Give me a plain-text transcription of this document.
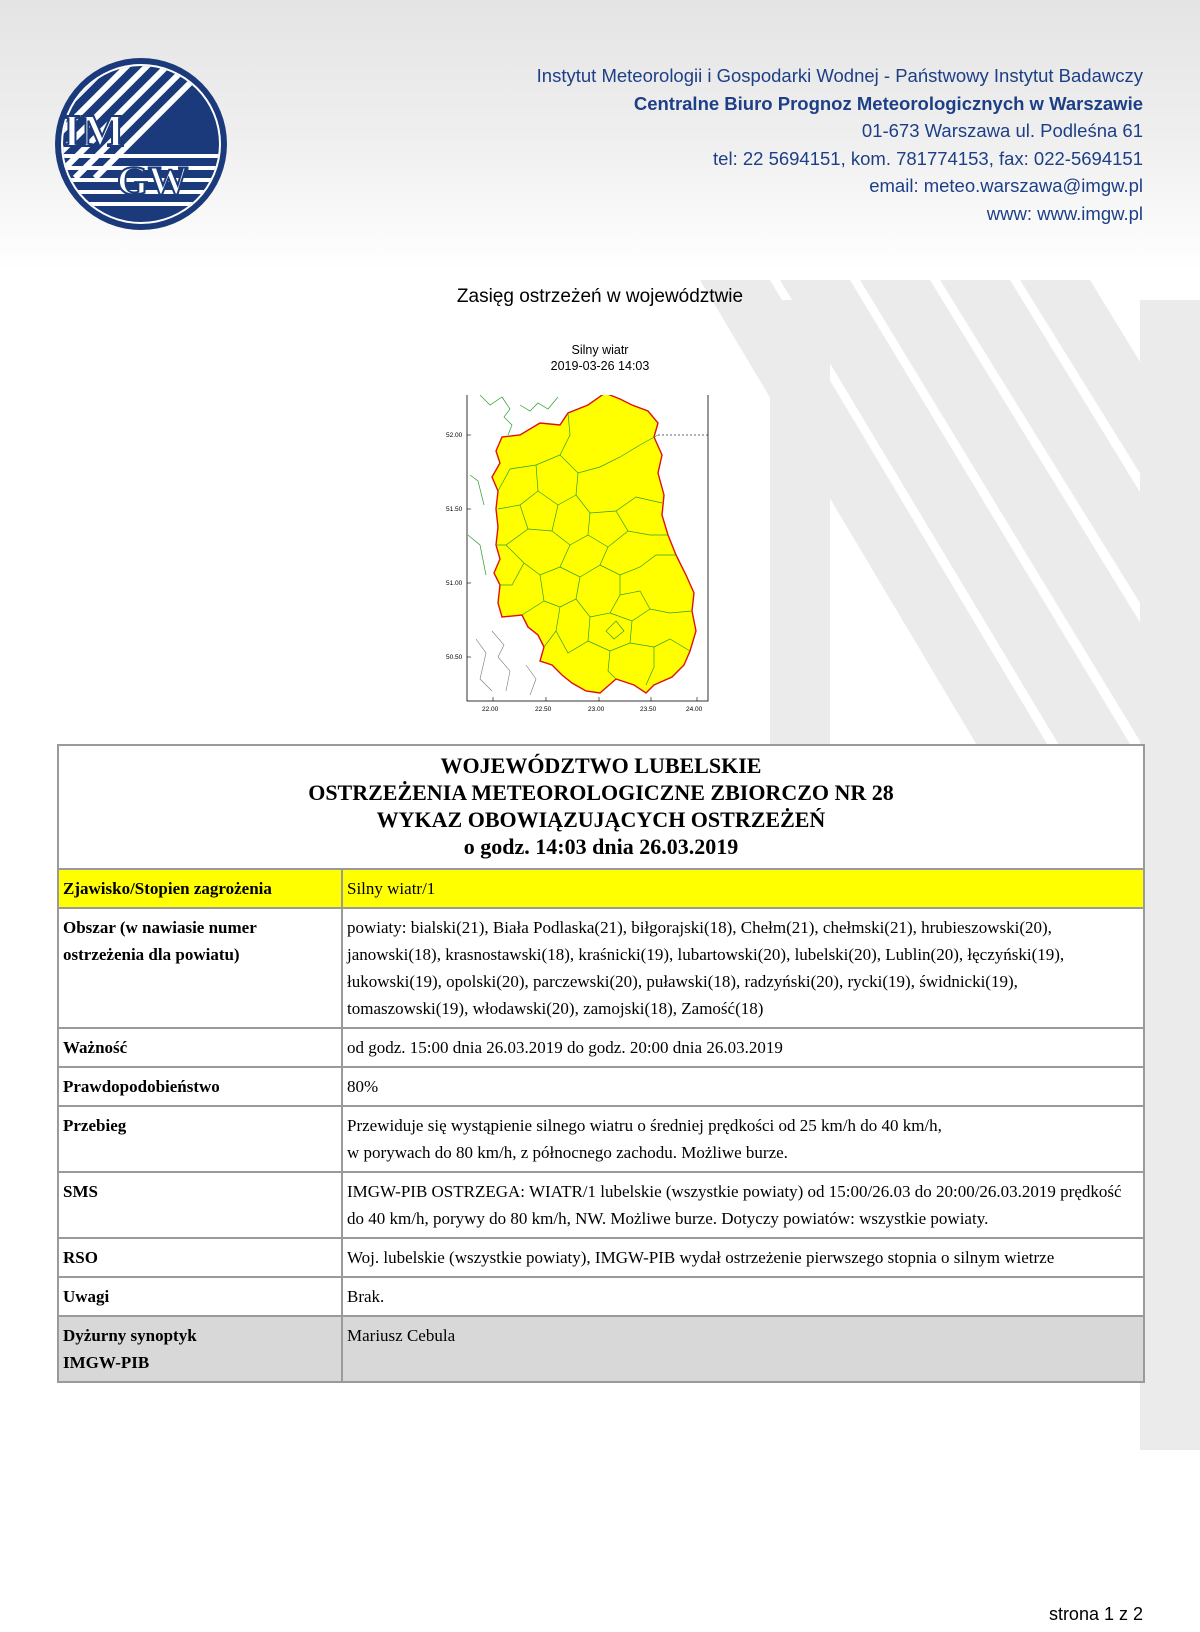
IM
GW
Instytut Meteorologii i Gospodarki Wodnej - Państwowy Instytut Badawczy
Centralne Biuro Prognoz Meteorologicznych w Warszawie
01-673 Warszawa ul. Podleśna 61
tel: 22 5694151, kom. 781774153, fax: 022-5694151
email: meteo.warszawa@imgw.pl
www: www.imgw.pl
Zasięg ostrzeżeń w województwie
Silny wiatr
2019-03-26 14:03
52.00
51.50
51.00
50.50
22.00	22.50	23.00	23.50	24.00
WOJEWÓDZTWO LUBELSKIE
OSTRZEŻENIA METEOROLOGICZNE ZBIORCZO NR 28
WYKAZ OBOWIĄZUJĄCYCH OSTRZEŻEŃ
o godz. 14:03 dnia 26.03.2019	

Zjawisko/Stopien zagrożenia	Silny wiatr/1
Obszar (w nawiasie numer ostrzeżenia dla powiatu)	powiaty: bialski(21), Biała Podlaska(21), biłgorajski(18), Chełm(21), chełmski(21), hrubieszowski(20), janowski(18), krasnostawski(18), kraśnicki(19), lubartowski(20), lubelski(20), Lublin(20), łęczyński(19), łukowski(19), opolski(20), parczewski(20), puławski(18), radzyński(20), rycki(19), świdnicki(19), tomaszowski(19), włodawski(20), zamojski(18), Zamość(18)
Ważność	od godz. 15:00 dnia 26.03.2019 do godz. 20:00 dnia 26.03.2019
Prawdopodobieństwo	80%
Przebieg	Przewiduje się wystąpienie silnego wiatru o średniej prędkości od 25 km/h do 40 km/h,
w porywach do 80 km/h, z północnego zachodu. Możliwe burze.

SMS	IMGW-PIB OSTRZEGA: WIATR/1 lubelskie (wszystkie powiaty) od 15:00/26.03 do 20:00/26.03.2019 prędkość do 40 km/h, porywy do 80 km/h, NW. Możliwe burze. Dotyczy powiatów: wszystkie powiaty.
RSO	Woj. lubelskie (wszystkie powiaty), IMGW-PIB wydał ostrzeżenie pierwszego stopnia o silnym wietrze
Uwagi	Brak.

Dyżurny synoptyk
IMGW-PIB	Mariusz Cebula
strona 1 z 2
